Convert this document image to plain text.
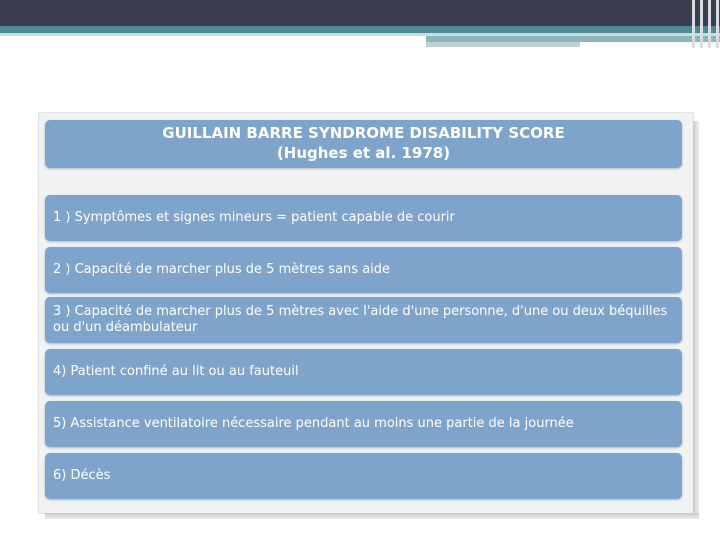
GUILLAIN BARRE SYNDROME DISABILITY SCORE
(Hughes et al. 1978)
1 ) Symptômes et signes mineurs = patient capable de courir
2 ) Capacité de marcher plus de 5 mètres sans aide
3 ) Capacité de marcher plus de 5 mètres avec l'aide d'une personne, d'une ou deux béquilles ou d'un déambulateur
4) Patient confiné au lit ou au fauteuil
5) Assistance ventilatoire nécessaire pendant au moins une partie de la journée
6) Décès
